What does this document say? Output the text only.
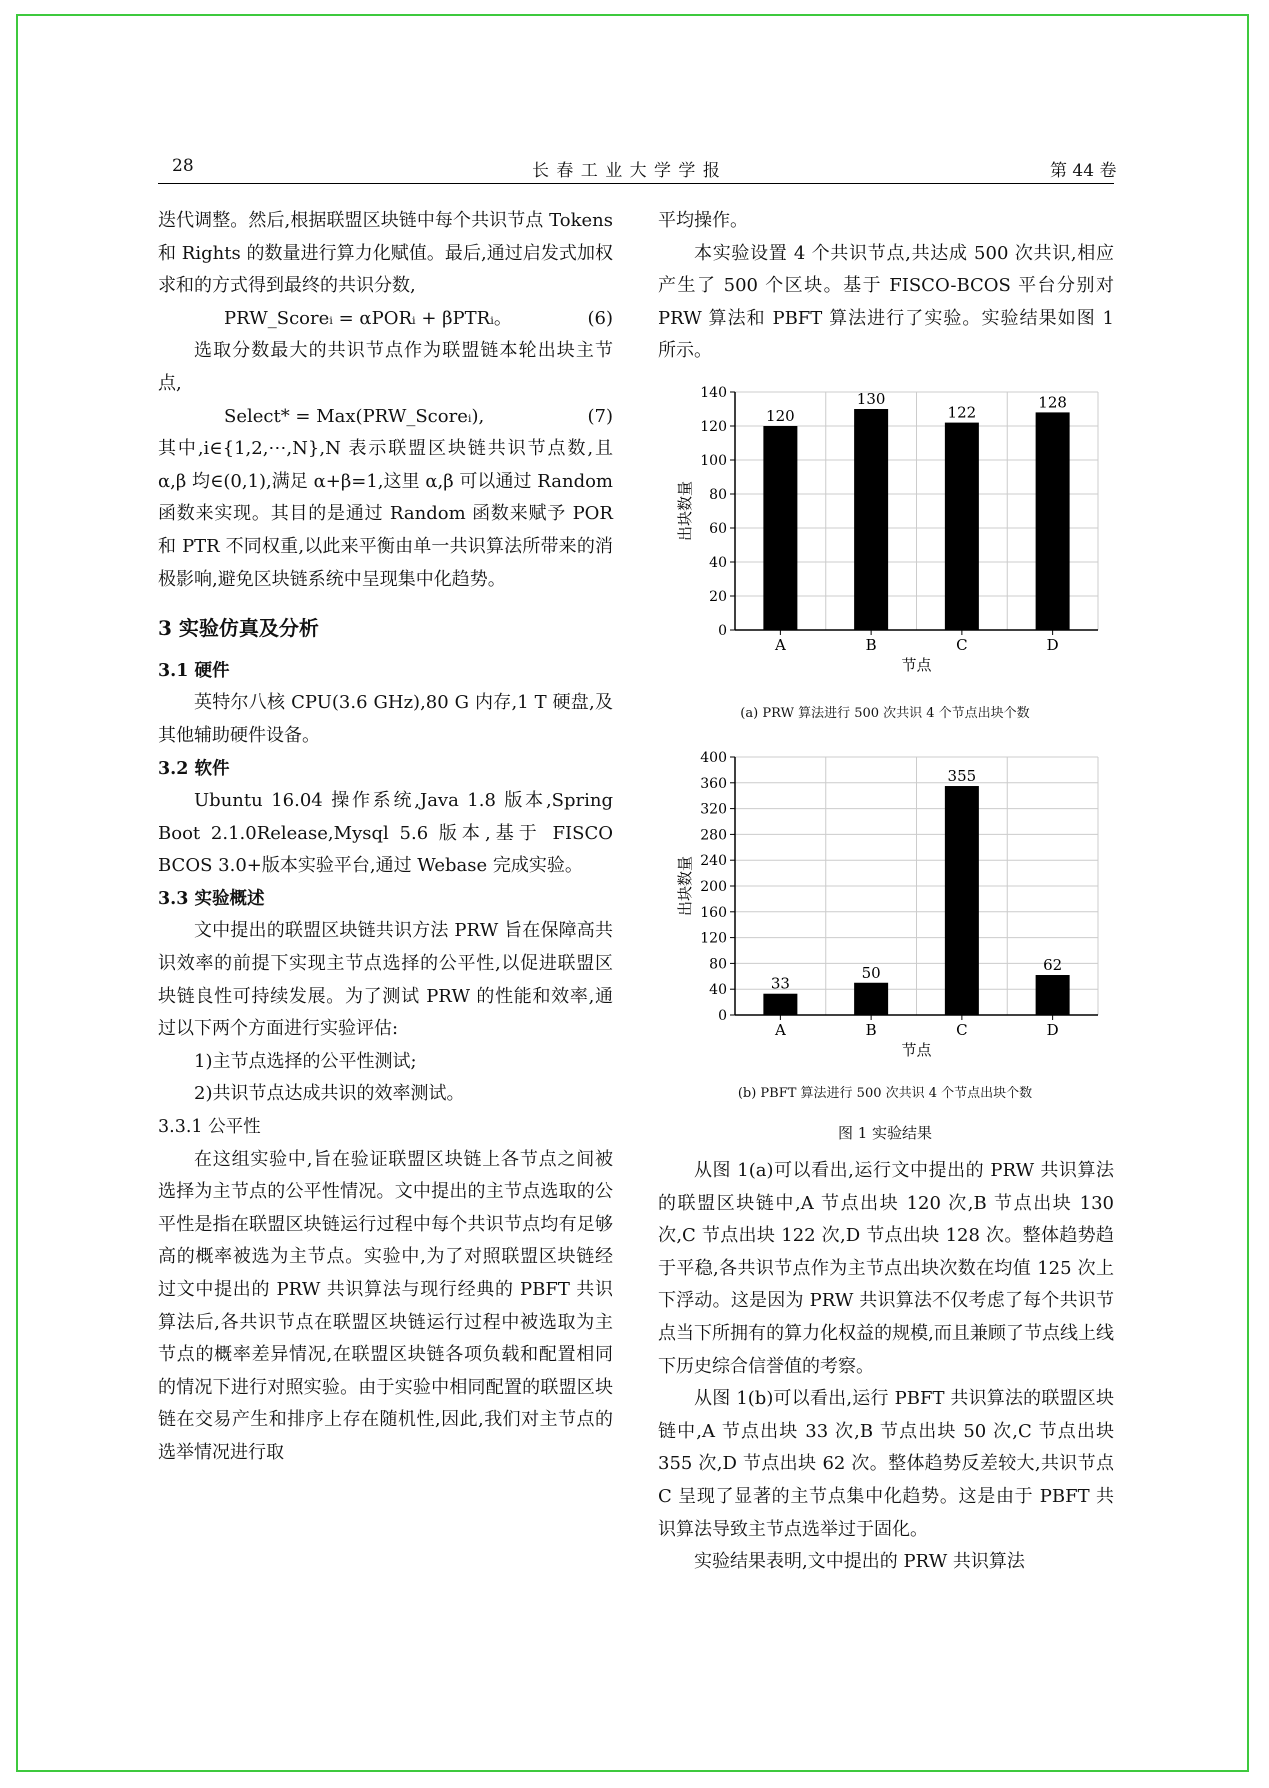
28	长 春 工 业 大 学 学 报	第 44 卷

迭代调整。然后,根据联盟区块链中每个共识节点 Tokens 和 Rights 的数量进行算力化赋值。最后,通过启发式加权求和的方式得到最终的共识分数,

PRW_Scoreᵢ = αPORᵢ + βPTRᵢ。	(6)

选取分数最大的共识节点作为联盟链本轮出块主节点,

Select* = Max(PRW_Scoreᵢ),	(7)

其中,i∈{1,2,⋯,N},N 表示联盟区块链共识节点数,且 α,β 均∈(0,1),满足 α+β=1,这里 α,β 可以通过 Random 函数来实现。其目的是通过 Random 函数来赋予 POR 和 PTR 不同权重,以此来平衡由单一共识算法所带来的消极影响,避免区块链系统中呈现集中化趋势。

3 实验仿真及分析

3.1 硬件

英特尔八核 CPU(3.6 GHz),80 G 内存,1 T 硬盘,及其他辅助硬件设备。

3.2 软件

Ubuntu 16.04 操作系统,Java 1.8 版本,Spring Boot 2.1.0Release,Mysql 5.6 版本,基于 FISCO BCOS 3.0+版本实验平台,通过 Webase 完成实验。

3.3 实验概述

文中提出的联盟区块链共识方法 PRW 旨在保障高共识效率的前提下实现主节点选择的公平性,以促进联盟区块链良性可持续发展。为了测试 PRW 的性能和效率,通过以下两个方面进行实验评估:

1)主节点选择的公平性测试;

2)共识节点达成共识的效率测试。

3.3.1 公平性

在这组实验中,旨在验证联盟区块链上各节点之间被选择为主节点的公平性情况。文中提出的主节点选取的公平性是指在联盟区块链运行过程中每个共识节点均有足够高的概率被选为主节点。实验中,为了对照联盟区块链经过文中提出的 PRW 共识算法与现行经典的 PBFT 共识算法后,各共识节点在联盟区块链运行过程中被选取为主节点的概率差异情况,在联盟区块链各项负载和配置相同的情况下进行对照实验。由于实验中相同配置的联盟区块链在交易产生和排序上存在随机性,因此,我们对主节点的选举情况进行取

平均操作。

本实验设置 4 个共识节点,共达成 500 次共识,相应产生了 500 个区块。基于 FISCO-BCOS 平台分别对 PRW 算法和 PBFT 算法进行了实验。实验结果如图 1 所示。

0
20
40
60
80
100
120
140
120
A
130
B
122
C
128
D
节点
出块数量
(a) PRW 算法进行 500 次共识 4 个节点出块个数
0
40
80
120
160
200
240
280
320
360
400
33
A
50
B
355
C
62
D
节点
出块数量
(b) PBFT 算法进行 500 次共识 4 个节点出块个数
图 1 实验结果

从图 1(a)可以看出,运行文中提出的 PRW 共识算法的联盟区块链中,A 节点出块 120 次,B 节点出块 130 次,C 节点出块 122 次,D 节点出块 128 次。整体趋势趋于平稳,各共识节点作为主节点出块次数在均值 125 次上下浮动。这是因为 PRW 共识算法不仅考虑了每个共识节点当下所拥有的算力化权益的规模,而且兼顾了节点线上线下历史综合信誉值的考察。

从图 1(b)可以看出,运行 PBFT 共识算法的联盟区块链中,A 节点出块 33 次,B 节点出块 50 次,C 节点出块 355 次,D 节点出块 62 次。整体趋势反差较大,共识节点 C 呈现了显著的主节点集中化趋势。这是由于 PBFT 共识算法导致主节点选举过于固化。

实验结果表明,文中提出的 PRW 共识算法
